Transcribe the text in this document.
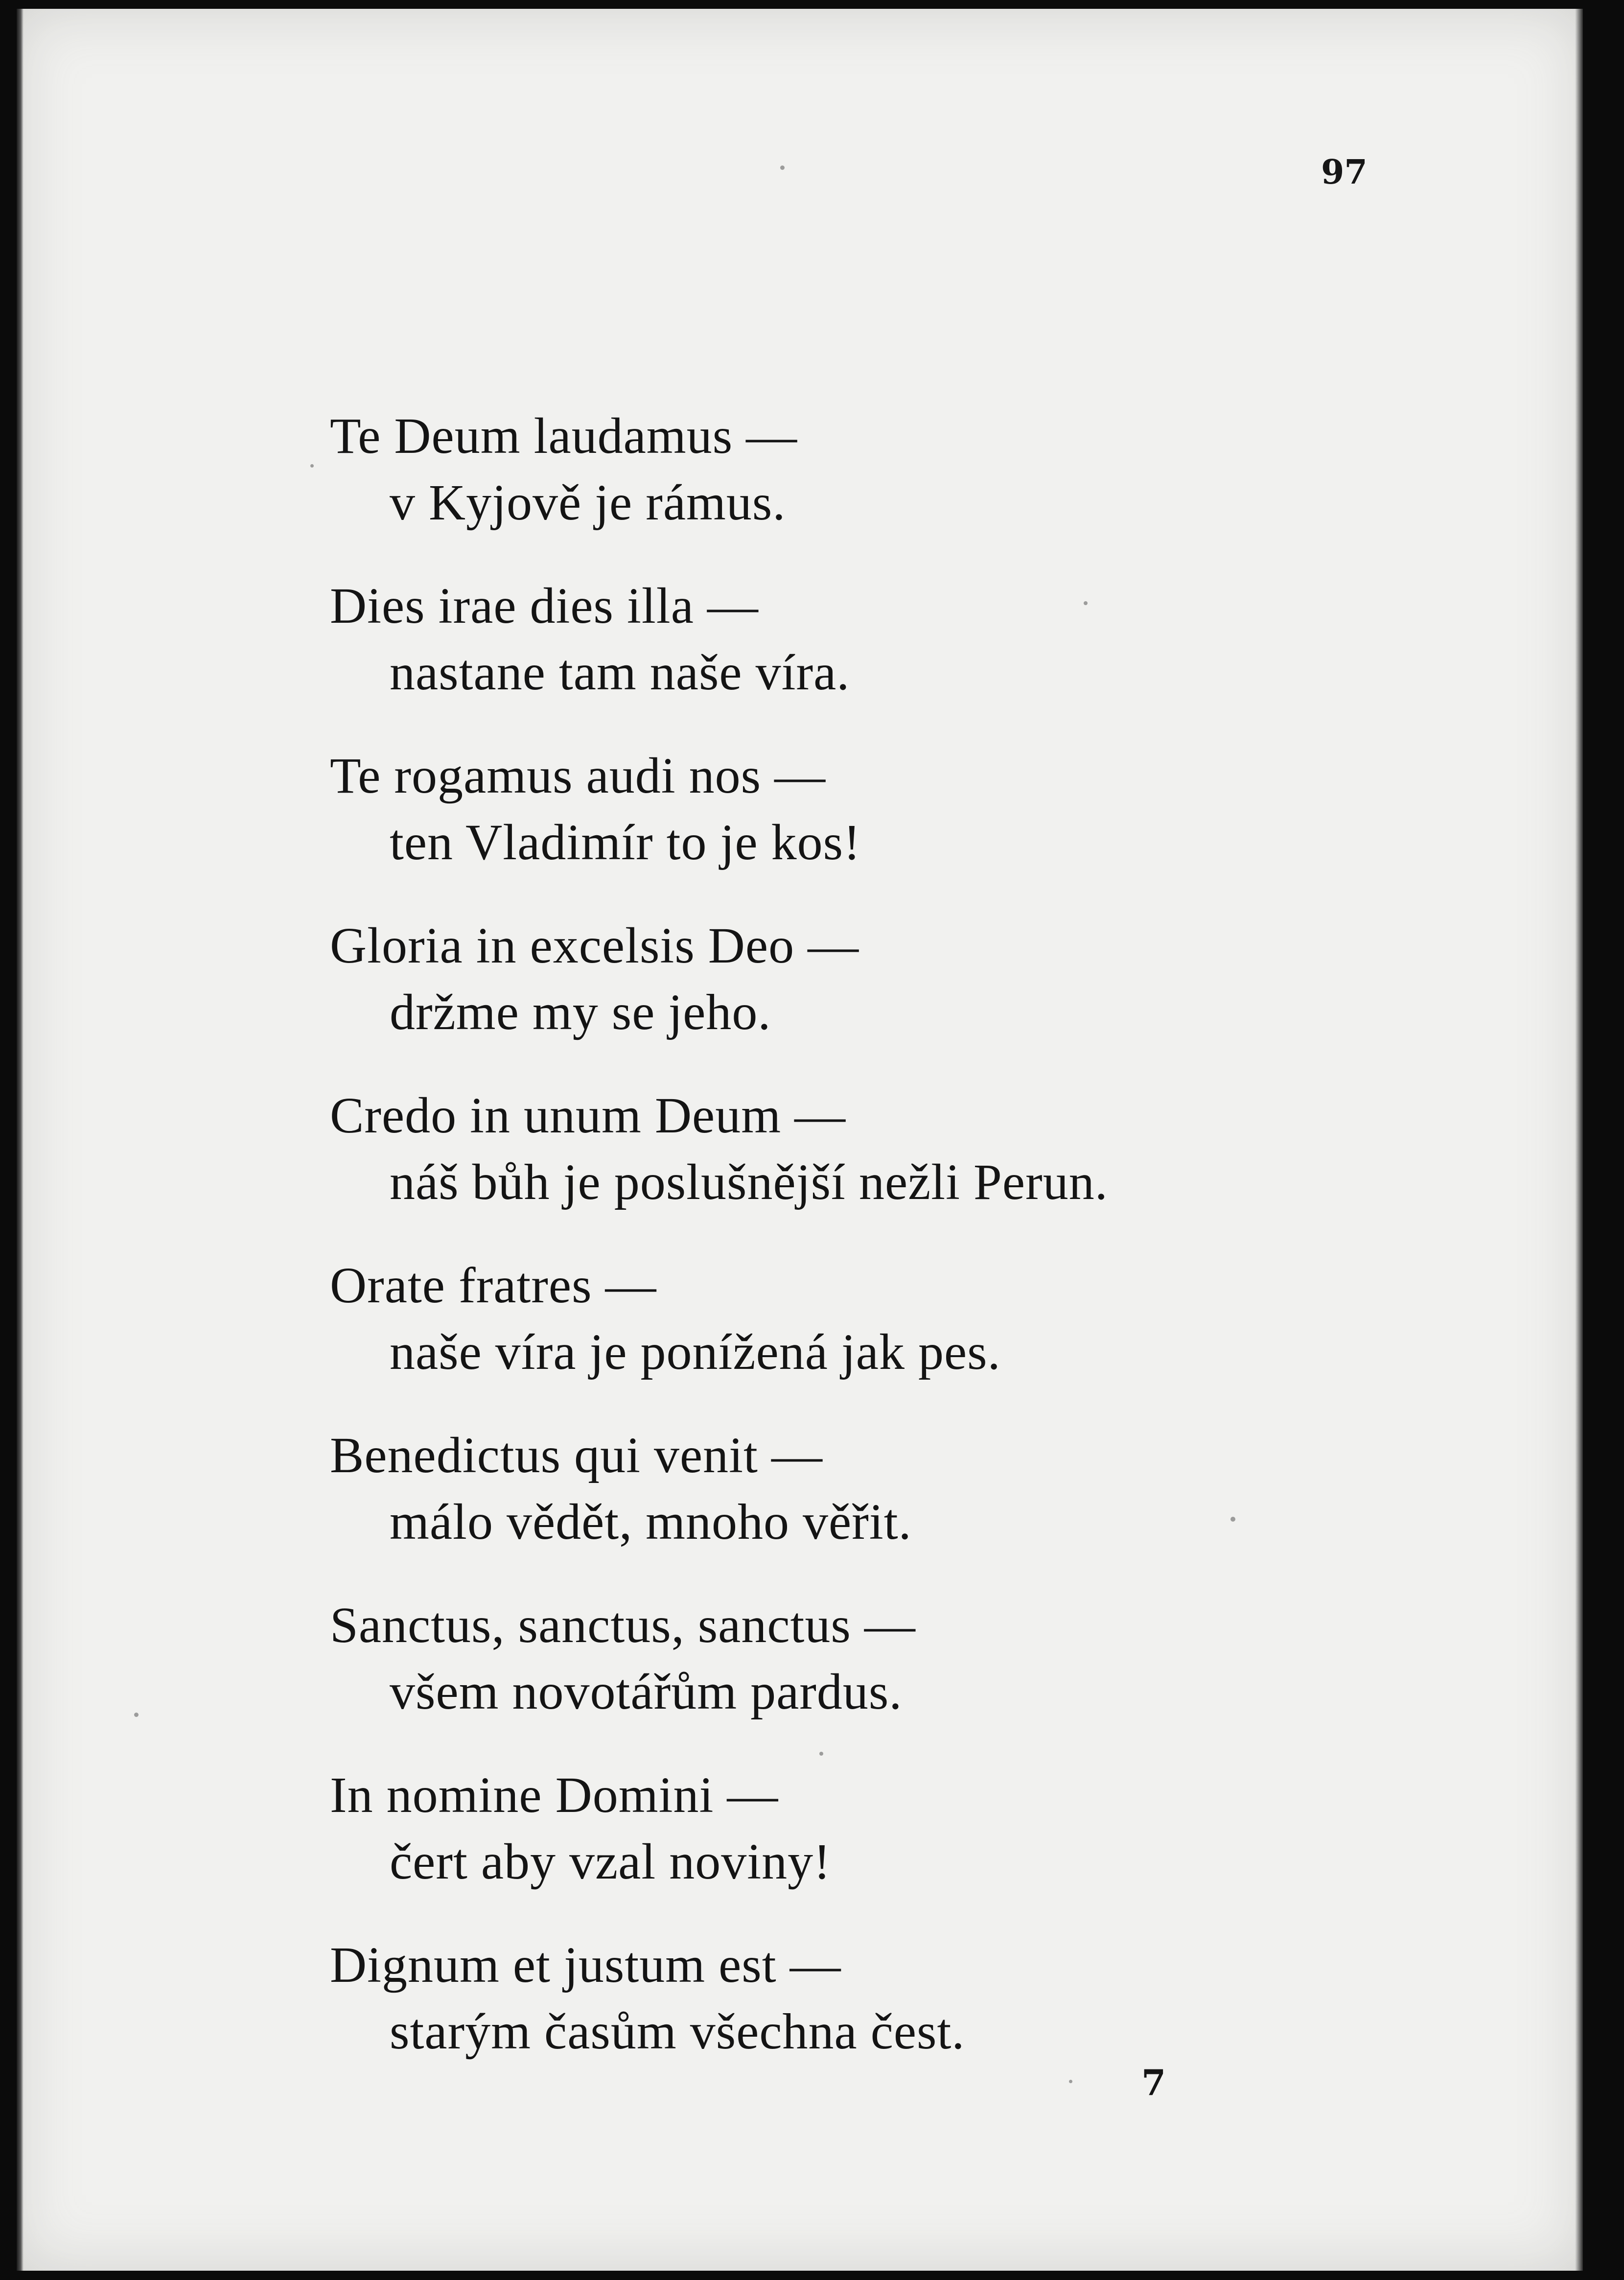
97
Te Deum laudamus —
v Kyjově je rámus.
Dies irae dies illa —
nastane tam naše víra.
Te rogamus audi nos —
ten Vladimír to je kos!
Gloria in excelsis Deo —
držme my se jeho.
Credo in unum Deum —
náš bůh je poslušnější nežli Perun.
Orate fratres —
naše víra je ponížená jak pes.
Benedictus qui venit —
málo vědět, mnoho věřit.
Sanctus, sanctus, sanctus —
všem novotářům pardus.
In nomine Domini —
čert aby vzal noviny!
Dignum et justum est —
starým časům všechna čest.
7
